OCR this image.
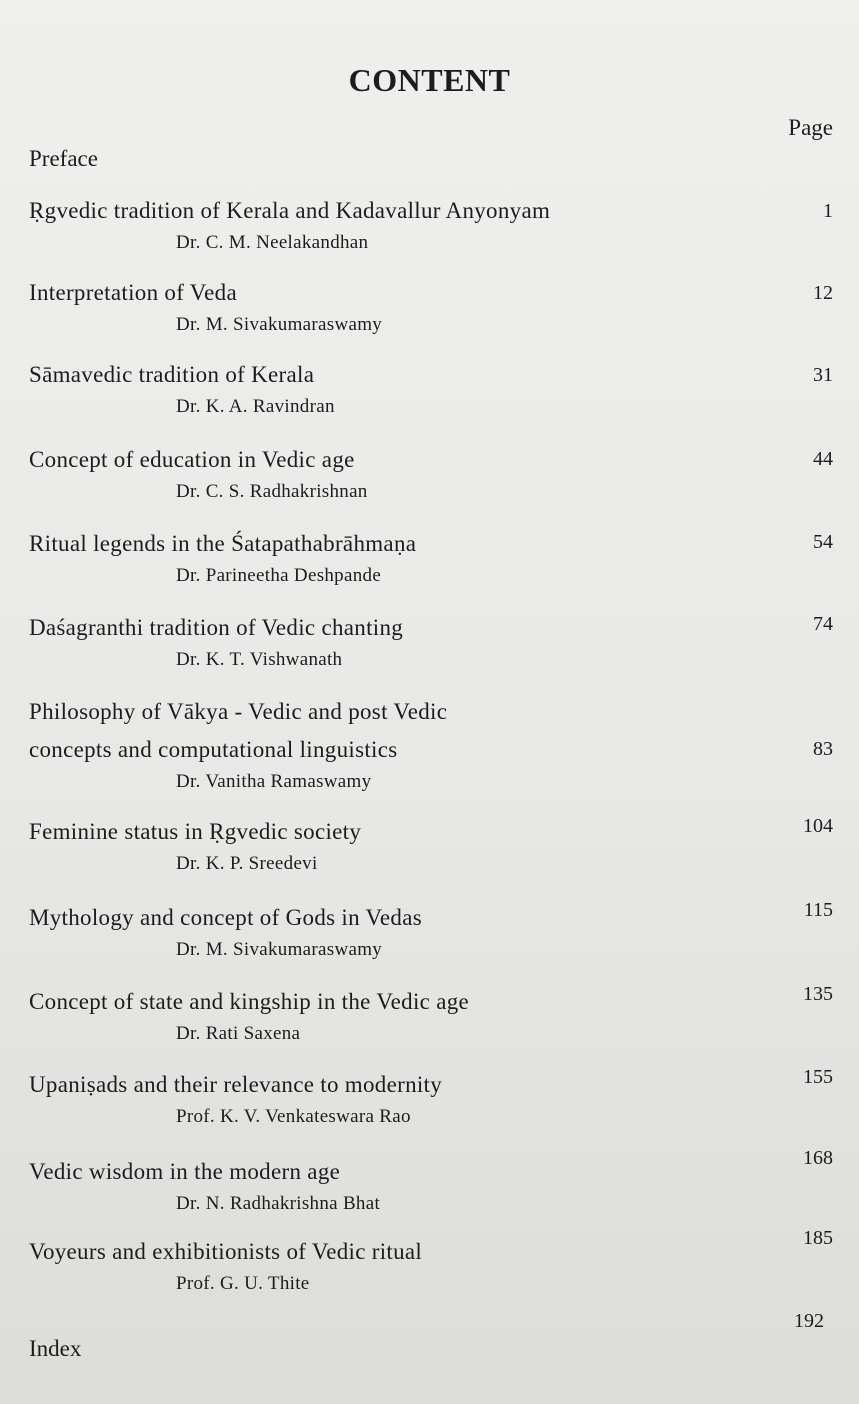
CONTENT
Page
Preface
Ṛgvedic tradition of Kerala and Kadavallur Anyonyam
Dr. C. M. Neelakandhan
1
Interpretation of Veda
Dr. M. Sivakumaraswamy
12
Sāmavedic tradition of Kerala
Dr. K. A. Ravindran
31
Concept of education in Vedic age
Dr. C. S. Radhakrishnan
44
Ritual legends in the Śatapathabrāhmaṇa
Dr. Parineetha Deshpande
54
Daśagranthi tradition of Vedic chanting
Dr. K. T. Vishwanath
74
Philosophy of Vākya - Vedic and post Vedic
concepts and computational linguistics
Dr. Vanitha Ramaswamy
83
Feminine status in Ṛgvedic society
Dr. K. P. Sreedevi
104
Mythology and concept of Gods in Vedas
Dr. M. Sivakumaraswamy
115
Concept of state and kingship in the Vedic age
Dr. Rati Saxena
135
Upaniṣads and their relevance to modernity
Prof. K. V. Venkateswara Rao
155
Vedic wisdom in the modern age
Dr. N. Radhakrishna Bhat
168
Voyeurs and exhibitionists of Vedic ritual
Prof. G. U. Thite
185
192
Index
